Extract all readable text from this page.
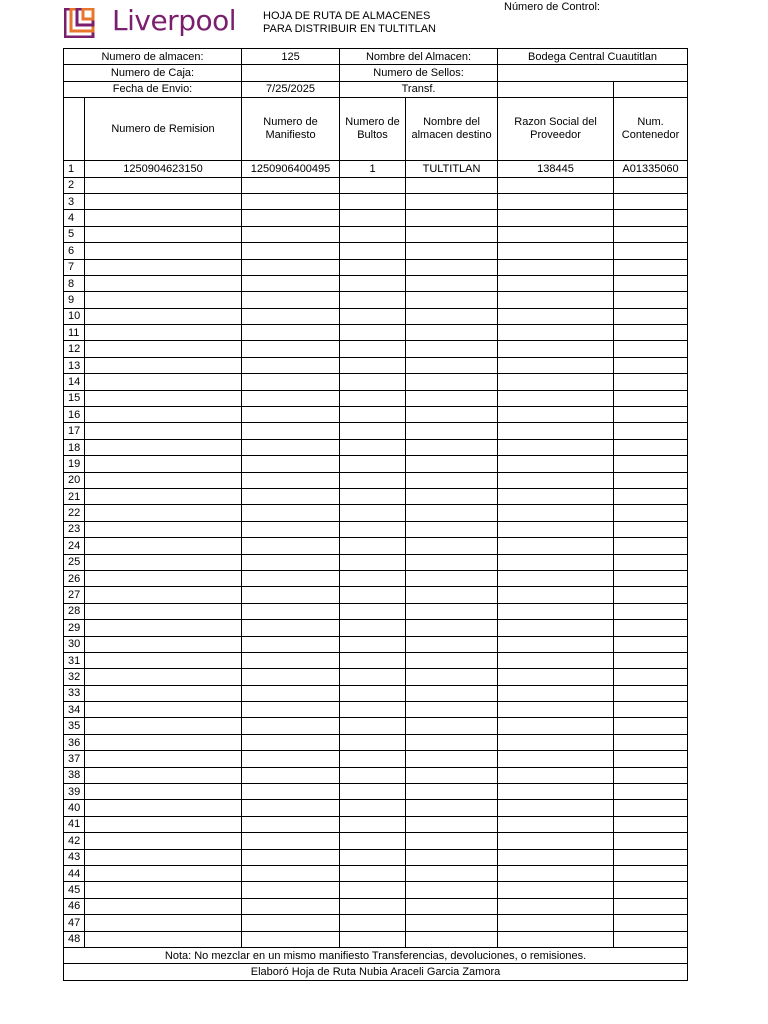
Liverpool HOJA DE RUTA DE ALMACENES
PARA DISTRIBUIR EN TULTITLAN
Número de Control:
Numero de almacen:		125	Nombre del Almacen:		Bodega Central Cuautitlan	
Numero de Caja:			Numero de Sellos:			
Fecha de Envio:		7/25/2025	Transf.			
	Numero de Remision	Numero de Manifiesto	Numero de Bultos	Nombre del almacen destino	Razon Social del Proveedor	Num. Contenedor
1	1250904623150	1250906400495	1	TULTITLAN	138445	A01335060
2						
3						
4						
5						
6						
7						
8						
9						
10						
11						
12						
13						
14						
15						
16						
17						
18						
19						
20						
21						
22						
23						
24						
25						
26						
27						
28						
29						
30						
31						
32						
33						
34						
35						
36						
37						
38						
39						
40						
41						
42						
43						
44						
45						
46						
47						
48						
Nota: No mezclar en un mismo manifiesto Transferencias, devoluciones, o remisiones.						
Elaboró Hoja de Ruta Nubia Araceli Garcia Zamora						
